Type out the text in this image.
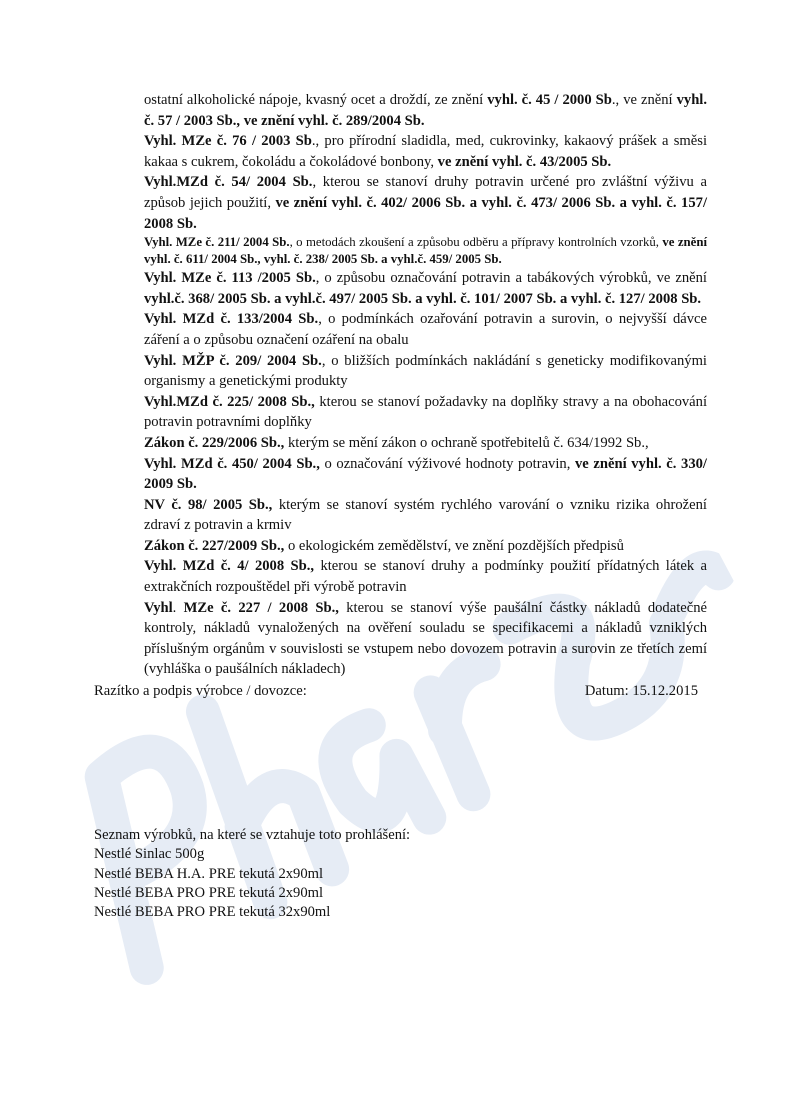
ostatní alkoholické nápoje, kvasný ocet a droždí, ze znění vyhl. č. 45 / 2000 Sb., ve znění vyhl. č. 57 / 2003 Sb., ve znění vyhl. č. 289/2004 Sb.

Vyhl. MZe č. 76 / 2003 Sb., pro přírodní sladidla, med, cukrovinky, kakaový prášek a směsi kakaa s cukrem, čokoládu a čokoládové bonbony, ve znění vyhl. č. 43/2005 Sb.

Vyhl.MZd č. 54/ 2004 Sb., kterou se stanoví druhy potravin určené pro zvláštní výživu a způsob jejich použití, ve znění vyhl. č. 402/ 2006 Sb. a vyhl. č. 473/ 2006 Sb. a vyhl. č. 157/ 2008 Sb.

Vyhl. MZe č. 211/ 2004 Sb., o metodách zkoušení a způsobu odběru a přípravy kontrolních vzorků, ve znění vyhl. č. 611/ 2004 Sb., vyhl. č. 238/ 2005 Sb. a vyhl.č. 459/ 2005 Sb.

Vyhl. MZe č. 113 /2005 Sb., o způsobu označování potravin a tabákových výrobků, ve znění vyhl.č. 368/ 2005 Sb. a vyhl.č. 497/ 2005 Sb. a vyhl. č. 101/ 2007 Sb. a vyhl. č. 127/ 2008 Sb.

Vyhl. MZd č. 133/2004 Sb., o podmínkách ozařování potravin a surovin, o nejvyšší dávce záření a o způsobu označení ozáření na obalu

Vyhl. MŽP č. 209/ 2004 Sb., o bližších podmínkách nakládání s geneticky modifikovanými organismy a genetickými produkty

Vyhl.MZd č. 225/ 2008 Sb., kterou se stanoví požadavky na doplňky stravy a na obohacování potravin potravními doplňky

Zákon č. 229/2006 Sb., kterým se mění zákon o ochraně spotřebitelů č. 634/1992 Sb.,

Vyhl. MZd č. 450/ 2004 Sb., o označování výživové hodnoty potravin, ve znění vyhl. č. 330/ 2009 Sb.

NV č. 98/ 2005 Sb., kterým se stanoví systém rychlého varování o vzniku rizika ohrožení zdraví z potravin a krmiv

Zákon č. 227/2009 Sb., o ekologickém zemědělství, ve znění pozdějších předpisů

Vyhl. MZd č. 4/ 2008 Sb., kterou se stanoví druhy a podmínky použití přídatných látek a extrakčních rozpouštědel při výrobě potravin

Vyhl. MZe č. 227 / 2008 Sb., kterou se stanoví výše paušální částky nákladů dodatečné kontroly, nákladů vynaložených na ověření souladu se specifikacemi a nákladů vzniklých příslušným orgánům v souvislosti se vstupem nebo dovozem potravin a surovin ze třetích zemí (vyhláška o paušálních nákladech)

Razítko a podpis výrobce / dovozce:	Datum: 15.12.2015
Seznam výrobků, na které se vztahuje toto prohlášení:
Nestlé Sinlac 500g
Nestlé BEBA H.A. PRE tekutá 2x90ml
Nestlé BEBA PRO PRE tekutá 2x90ml
Nestlé BEBA PRO PRE tekutá 32x90ml
